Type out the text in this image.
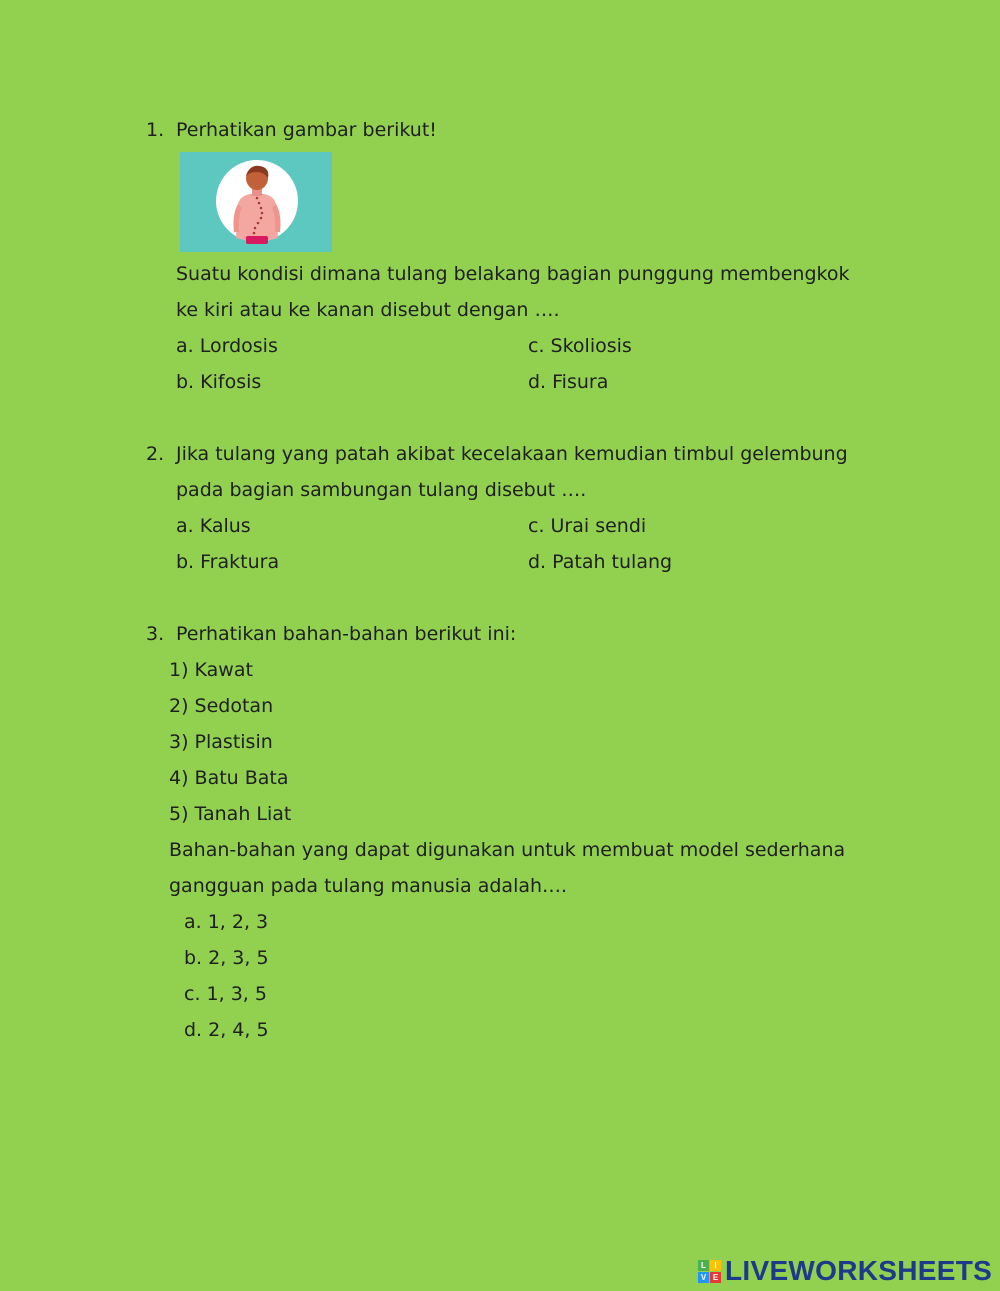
1. Perhatikan gambar berikut!
Suatu kondisi dimana tulang belakang bagian punggung membengkok
ke kiri atau ke kanan disebut dengan ….
a. Lordosis	c. Skoliosis
b. Kifosis	d. Fisura
2. Jika tulang yang patah akibat kecelakaan kemudian timbul gelembung
pada bagian sambungan tulang disebut ….
a. Kalus	c. Urai sendi
b. Fraktura	d. Patah tulang
3. Perhatikan bahan-bahan berikut ini:
1) Kawat
2) Sedotan
3) Plastisin
4) Batu Bata
5) Tanah Liat
Bahan-bahan yang dapat digunakan untuk membuat model sederhana
gangguan pada tulang manusia adalah….
a. 1, 2, 3
b. 2, 3, 5
c. 1, 3, 5
d. 2, 4, 5
L	I
V E LIVEWORKSHEETS
